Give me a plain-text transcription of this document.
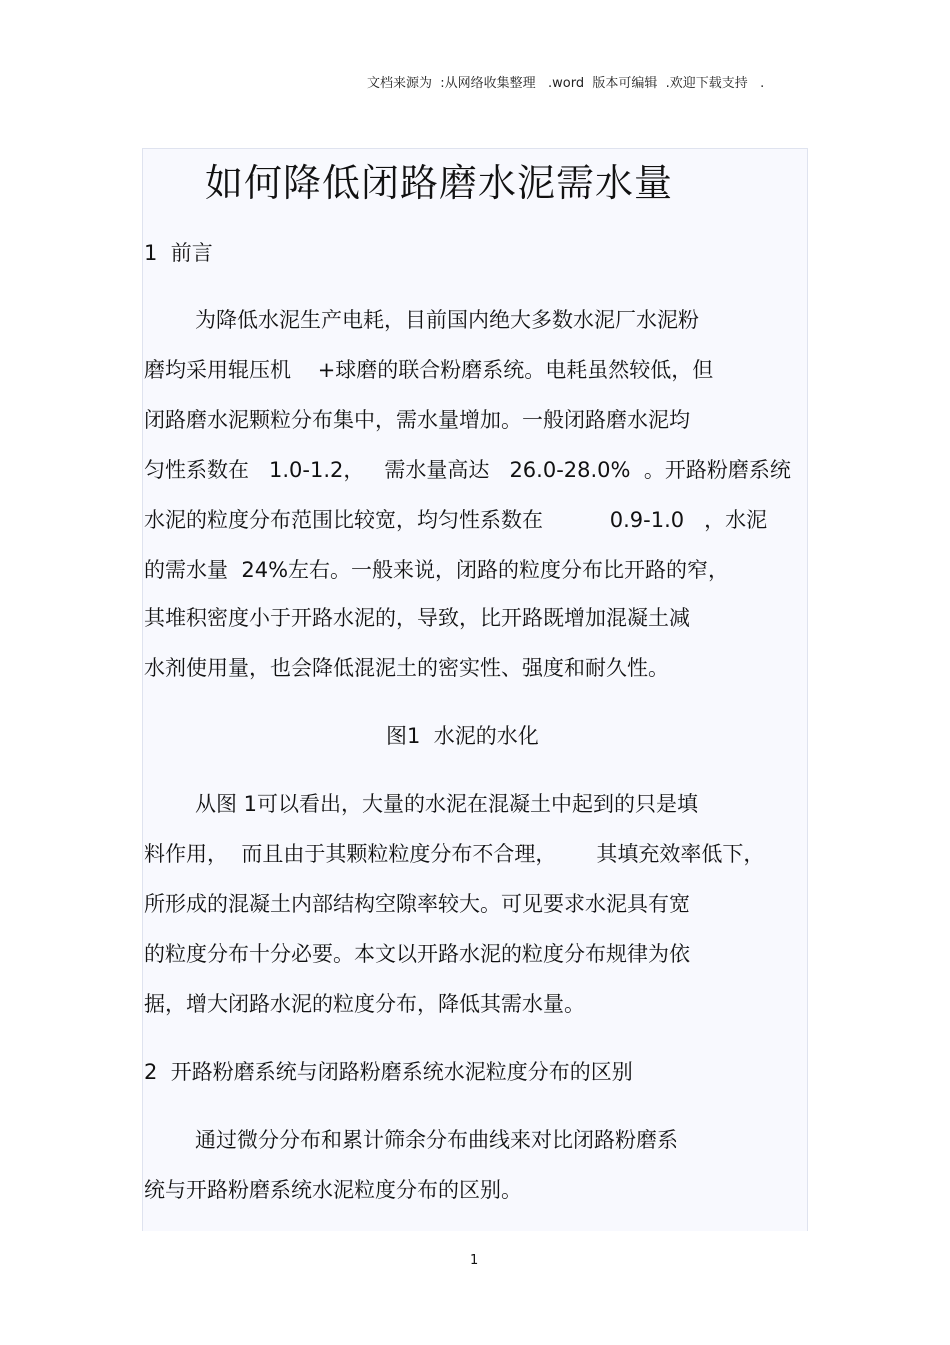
文档来源为  :从网络收集整理   .word  版本可编辑  .欢迎下载支持   .
如何降低闭路磨水泥需水量
1  前言
为降低水泥生产电耗，目前国内绝大多数水泥厂水泥粉
磨均采用辊压机    +球磨的联合粉磨系统。电耗虽然较低，但
闭路磨水泥颗粒分布集中，需水量增加。一般闭路磨水泥均
匀性系数在   1.0-1.2，   需水量高达   26.0-28.0%  。开路粉磨系统
水泥的粒度分布范围比较宽，均匀性系数在          0.9-1.0   ，水泥
的需水量  24%左右。一般来说，闭路的粒度分布比开路的窄，
其堆积密度小于开路水泥的，导致，比开路既增加混凝土减
水剂使用量，也会降低混泥土的密实性、强度和耐久性。
图1  水泥的水化
从图 1可以看出，大量的水泥在混凝土中起到的只是填
料作用，  而且由于其颗粒粒度分布不合理，      其填充效率低下，
所形成的混凝土内部结构空隙率较大。可见要求水泥具有宽
的粒度分布十分必要。本文以开路水泥的粒度分布规律为依
据，增大闭路水泥的粒度分布，降低其需水量。
2  开路粉磨系统与闭路粉磨系统水泥粒度分布的区别
通过微分分布和累计筛余分布曲线来对比闭路粉磨系
统与开路粉磨系统水泥粒度分布的区别。
1
